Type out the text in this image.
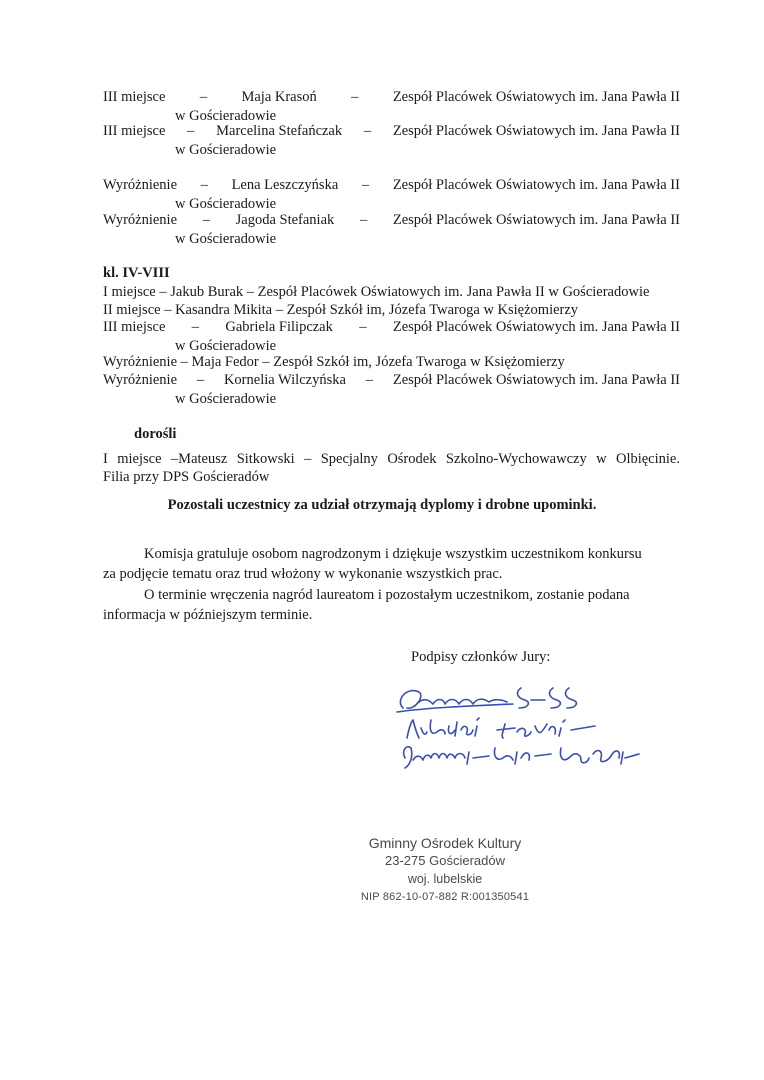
III miejsce – Maja Krasoń – Zespół Placówek Oświatowych im. Jana Pawła II
w Gościeradowie
III miejsce – Marcelina Stefańczak – Zespół Placówek Oświatowych im. Jana Pawła II
w Gościeradowie
Wyróżnienie – Lena Leszczyńska – Zespół Placówek Oświatowych im. Jana Pawła II
w Gościeradowie
Wyróżnienie – Jagoda Stefaniak – Zespół Placówek Oświatowych im. Jana Pawła II
w Gościeradowie
kl. IV-VIII
I miejsce – Jakub Burak – Zespół Placówek Oświatowych im. Jana Pawła II w Gościeradowie
II miejsce – Kasandra Mikita – Zespół Szkół im, Józefa Twaroga w Księżomierzy
III miejsce – Gabriela Filipczak – Zespół Placówek Oświatowych im. Jana Pawła II
w Gościeradowie
Wyróżnienie – Maja Fedor – Zespół Szkół im, Józefa Twaroga w Księżomierzy
Wyróżnienie – Kornelia Wilczyńska – Zespół Placówek Oświatowych im. Jana Pawła II
w Gościeradowie
dorośli
I miejsce –Mateusz Sitkowski – Specjalny Ośrodek Szkolno-Wychowawczy w Olbięcinie.
Filia przy DPS Gościeradów
Pozostali uczestnicy za udział otrzymają dyplomy i drobne upominki.
Komisja gratuluje osobom nagrodzonym i dziękuje wszystkim uczestnikom konkursu
za podjęcie tematu oraz trud włożony w wykonanie wszystkich prac.
O terminie wręczenia nagród laureatom i pozostałym uczestnikom, zostanie podana
informacja w późniejszym terminie.
Podpisy członków Jury:
Gminny Ośrodek Kultury
23-275 Gościeradów
woj. lubelskie
NIP 862-10-07-882 R:001350541
